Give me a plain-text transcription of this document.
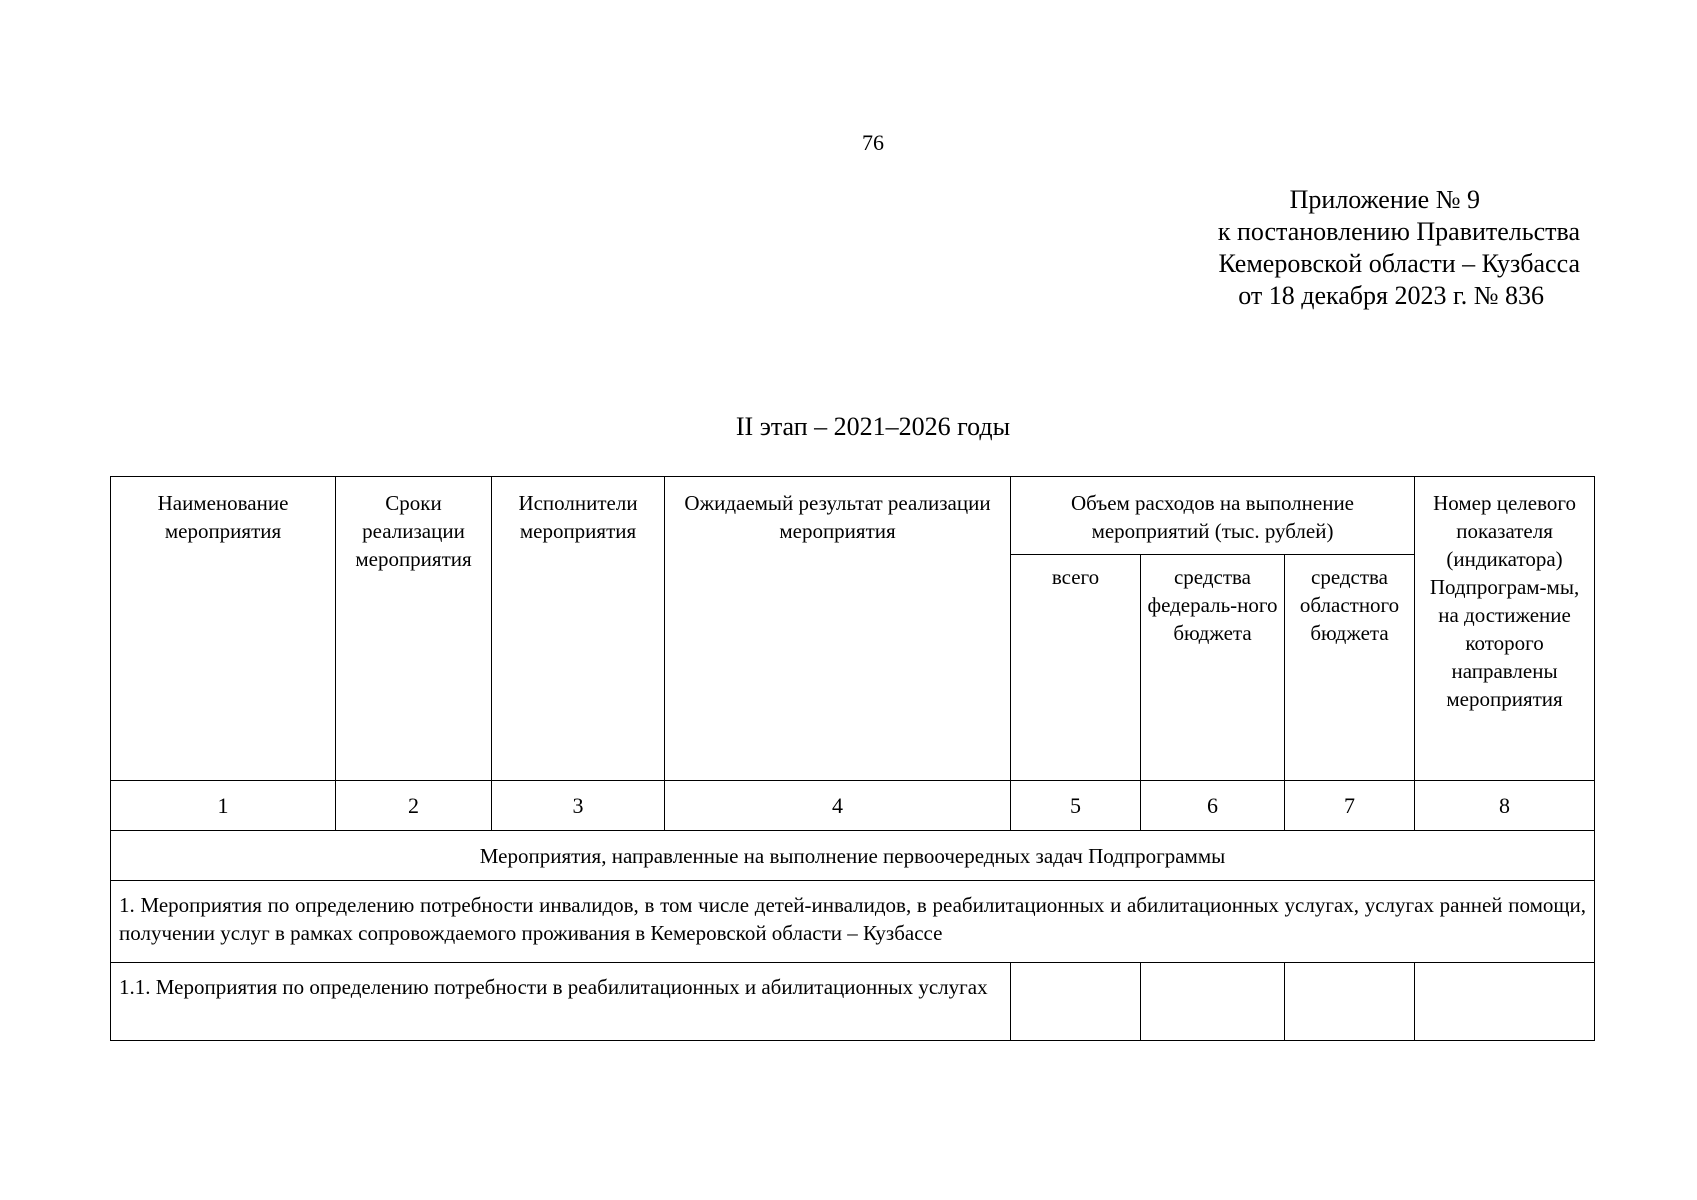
76
Приложение № 9
к постановлению Правительства
Кемеровской области – Кузбасса
от 18 декабря 2023 г. № 836
II этап – 2021–2026 годы
Наименование мероприятия	Сроки реализации мероприятия	Исполнители мероприятия	Ожидаемый результат реализации мероприятия	Объем расходов на выполнение мероприятий (тыс. рублей)			Номер целевого показателя (индикатора) Подпрограм-мы, на достижение которого направлены мероприятия
				всего	средства федераль-ного бюджета	средства областного бюджета	
1	2	3	4	5	6	7	8
Мероприятия, направленные на выполнение первоочередных задач Подпрограммы							
1. Мероприятия по определению потребности инвалидов, в том числе детей-инвалидов, в реабилитационных и абилитационных услугах, услугах ранней помощи, получении услуг в рамках сопровождаемого проживания в Кемеровской области – Кузбассе							
1.1. Мероприятия по определению потребности в реабилитационных и абилитационных услугах							
